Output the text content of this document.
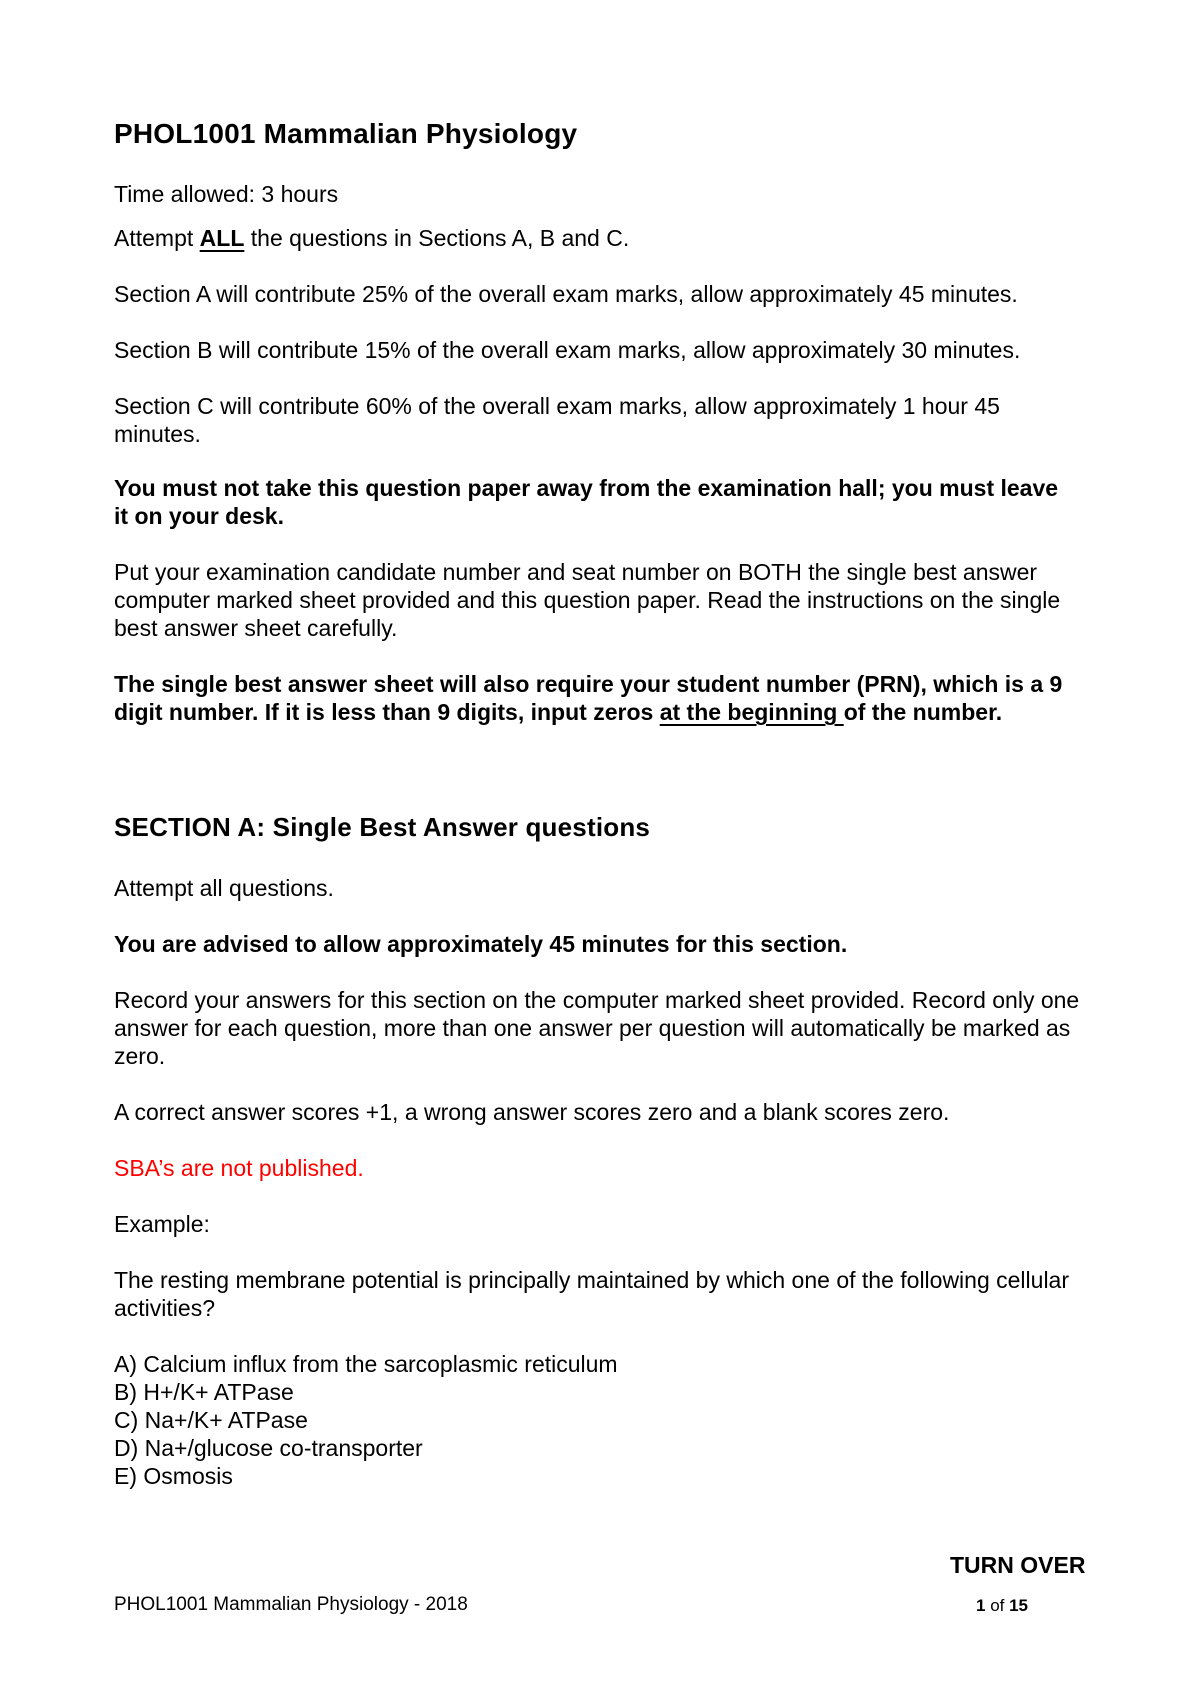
PHOL1001 Mammalian Physiology
Time allowed: 3 hours
Attempt ALL the questions in Sections A, B and C.
Section A will contribute 25% of the overall exam marks, allow approximately 45 minutes.
Section B will contribute 15% of the overall exam marks, allow approximately 30 minutes.
Section C will contribute 60% of the overall exam marks, allow approximately 1 hour 45 minutes.
You must not take this question paper away from the examination hall; you must leave it on your desk.
Put your examination candidate number and seat number on BOTH the single best answer computer marked sheet provided and this question paper. Read the instructions on the single best answer sheet carefully.
The single best answer sheet will also require your student number (PRN), which is a 9 digit number. If it is less than 9 digits, input zeros at the beginning of the number.
SECTION A: Single Best Answer questions
Attempt all questions.
You are advised to allow approximately 45 minutes for this section.
Record your answers for this section on the computer marked sheet provided. Record only one answer for each question, more than one answer per question will automatically be marked as zero.
A correct answer scores +1, a wrong answer scores zero and a blank scores zero.
SBA’s are not published.
Example:
The resting membrane potential is principally maintained by which one of the following cellular activities?
A) Calcium influx from the sarcoplasmic reticulum
B) H+/K+ ATPase
C) Na+/K+ ATPase
D) Na+/glucose co-transporter
E) Osmosis
TURN OVER
PHOL1001 Mammalian Physiology - 2018	1 of 15
